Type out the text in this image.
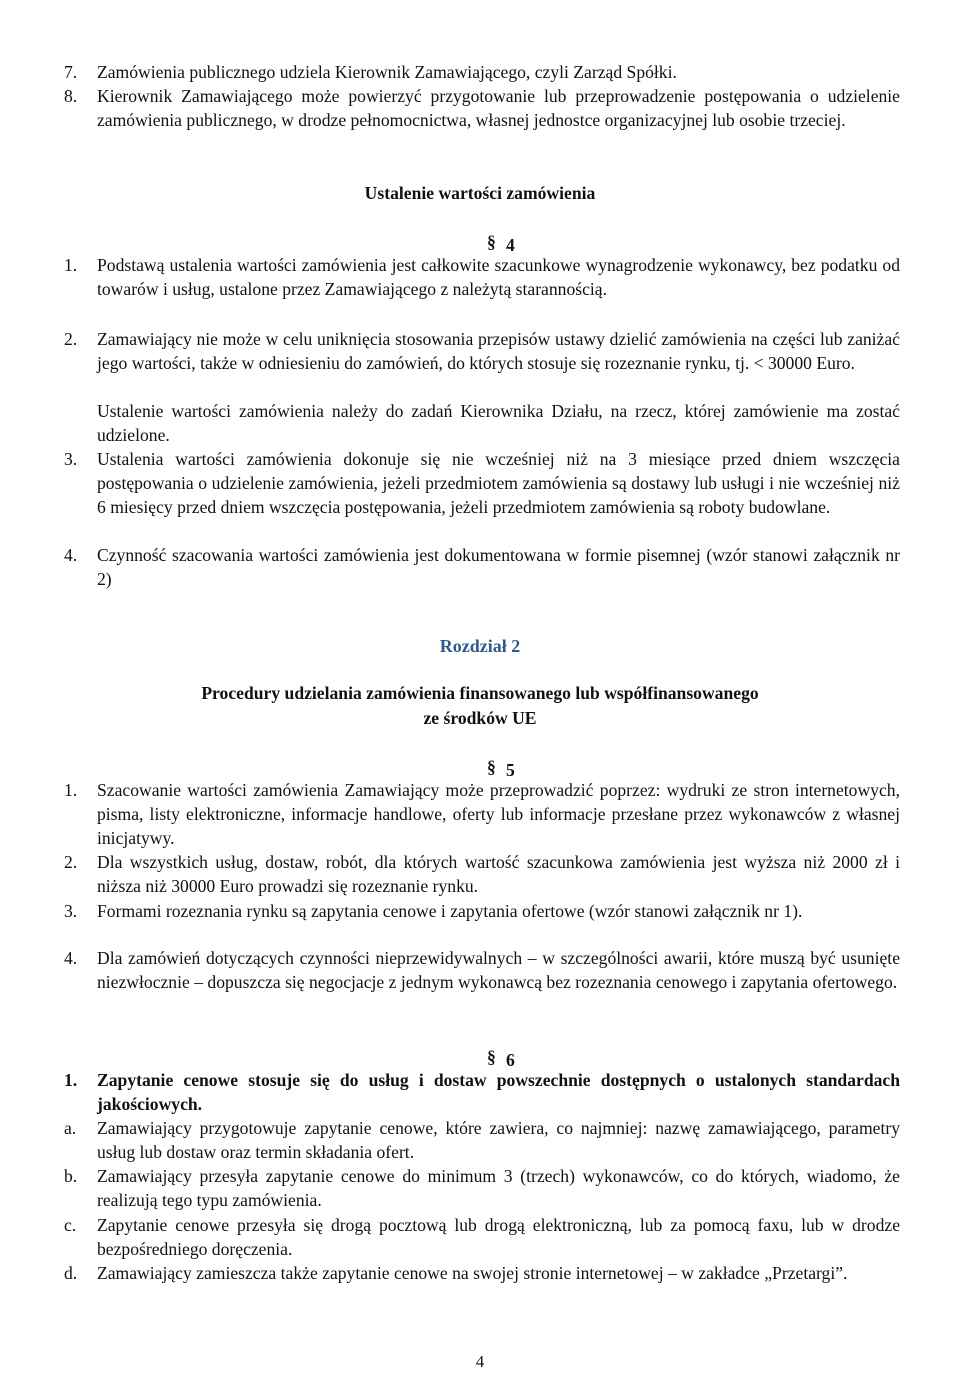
7. Zamówienia publicznego udziela Kierownik Zamawiającego, czyli Zarząd Spółki.
8. Kierownik Zamawiającego może powierzyć przygotowanie lub przeprowadzenie postępowania o udzielenie zamówienia publicznego, w drodze pełnomocnictwa, własnej jednostce organizacyjnej lub osobie trzeciej.
Ustalenie wartości zamówienia
§ 4
1. Podstawą ustalenia wartości zamówienia jest całkowite szacunkowe wynagrodzenie wykonawcy, bez podatku od towarów i usług, ustalone przez Zamawiającego z należytą starannością.
2. Zamawiający nie może w celu uniknięcia stosowania przepisów ustawy dzielić zamówienia na części lub zaniżać jego wartości, także w odniesieniu do zamówień, do których stosuje się rozeznanie rynku, tj. < 30000 Euro.
Ustalenie wartości zamówienia należy do zadań Kierownika Działu, na rzecz, której zamówienie ma zostać udzielone.
3. Ustalenia wartości zamówienia dokonuje się nie wcześniej niż na 3 miesiące przed dniem wszczęcia postępowania o udzielenie zamówienia, jeżeli przedmiotem zamówienia są dostawy lub usługi i nie wcześniej niż 6 miesięcy przed dniem wszczęcia postępowania, jeżeli przedmiotem zamówienia są roboty budowlane.
4. Czynność szacowania wartości zamówienia jest dokumentowana w formie pisemnej (wzór stanowi załącznik nr 2)
Rozdział 2
Procedury udzielania zamówienia finansowanego lub współfinansowanego
ze środków UE
§ 5
1. Szacowanie wartości zamówienia Zamawiający może przeprowadzić poprzez: wydruki ze stron internetowych, pisma, listy elektroniczne, informacje handlowe, oferty lub informacje przesłane przez wykonawców z własnej inicjatywy.
2. Dla wszystkich usług, dostaw, robót, dla których wartość szacunkowa zamówienia jest wyższa niż 2000 zł i niższa niż 30000 Euro prowadzi się rozeznanie rynku.
3. Formami rozeznania rynku są zapytania cenowe i zapytania ofertowe (wzór stanowi załącznik nr 1).
4. Dla zamówień dotyczących czynności nieprzewidywalnych – w szczególności awarii, które muszą być usunięte niezwłocznie – dopuszcza się negocjacje z jednym wykonawcą bez rozeznania cenowego i zapytania ofertowego.
§ 6
1. Zapytanie cenowe stosuje się do usług i dostaw powszechnie dostępnych o ustalonych standardach jakościowych.
a. Zamawiający przygotowuje zapytanie cenowe, które zawiera, co najmniej: nazwę zamawiającego, parametry usług lub dostaw oraz termin składania ofert.
b. Zamawiający przesyła zapytanie cenowe do minimum 3 (trzech) wykonawców, co do których, wiadomo, że realizują tego typu zamówienia.
c. Zapytanie cenowe przesyła się drogą pocztową lub drogą elektroniczną, lub za pomocą faxu, lub w drodze bezpośredniego doręczenia.
d. Zamawiający zamieszcza także zapytanie cenowe na swojej stronie internetowej – w zakładce „Przetargi”.
4
